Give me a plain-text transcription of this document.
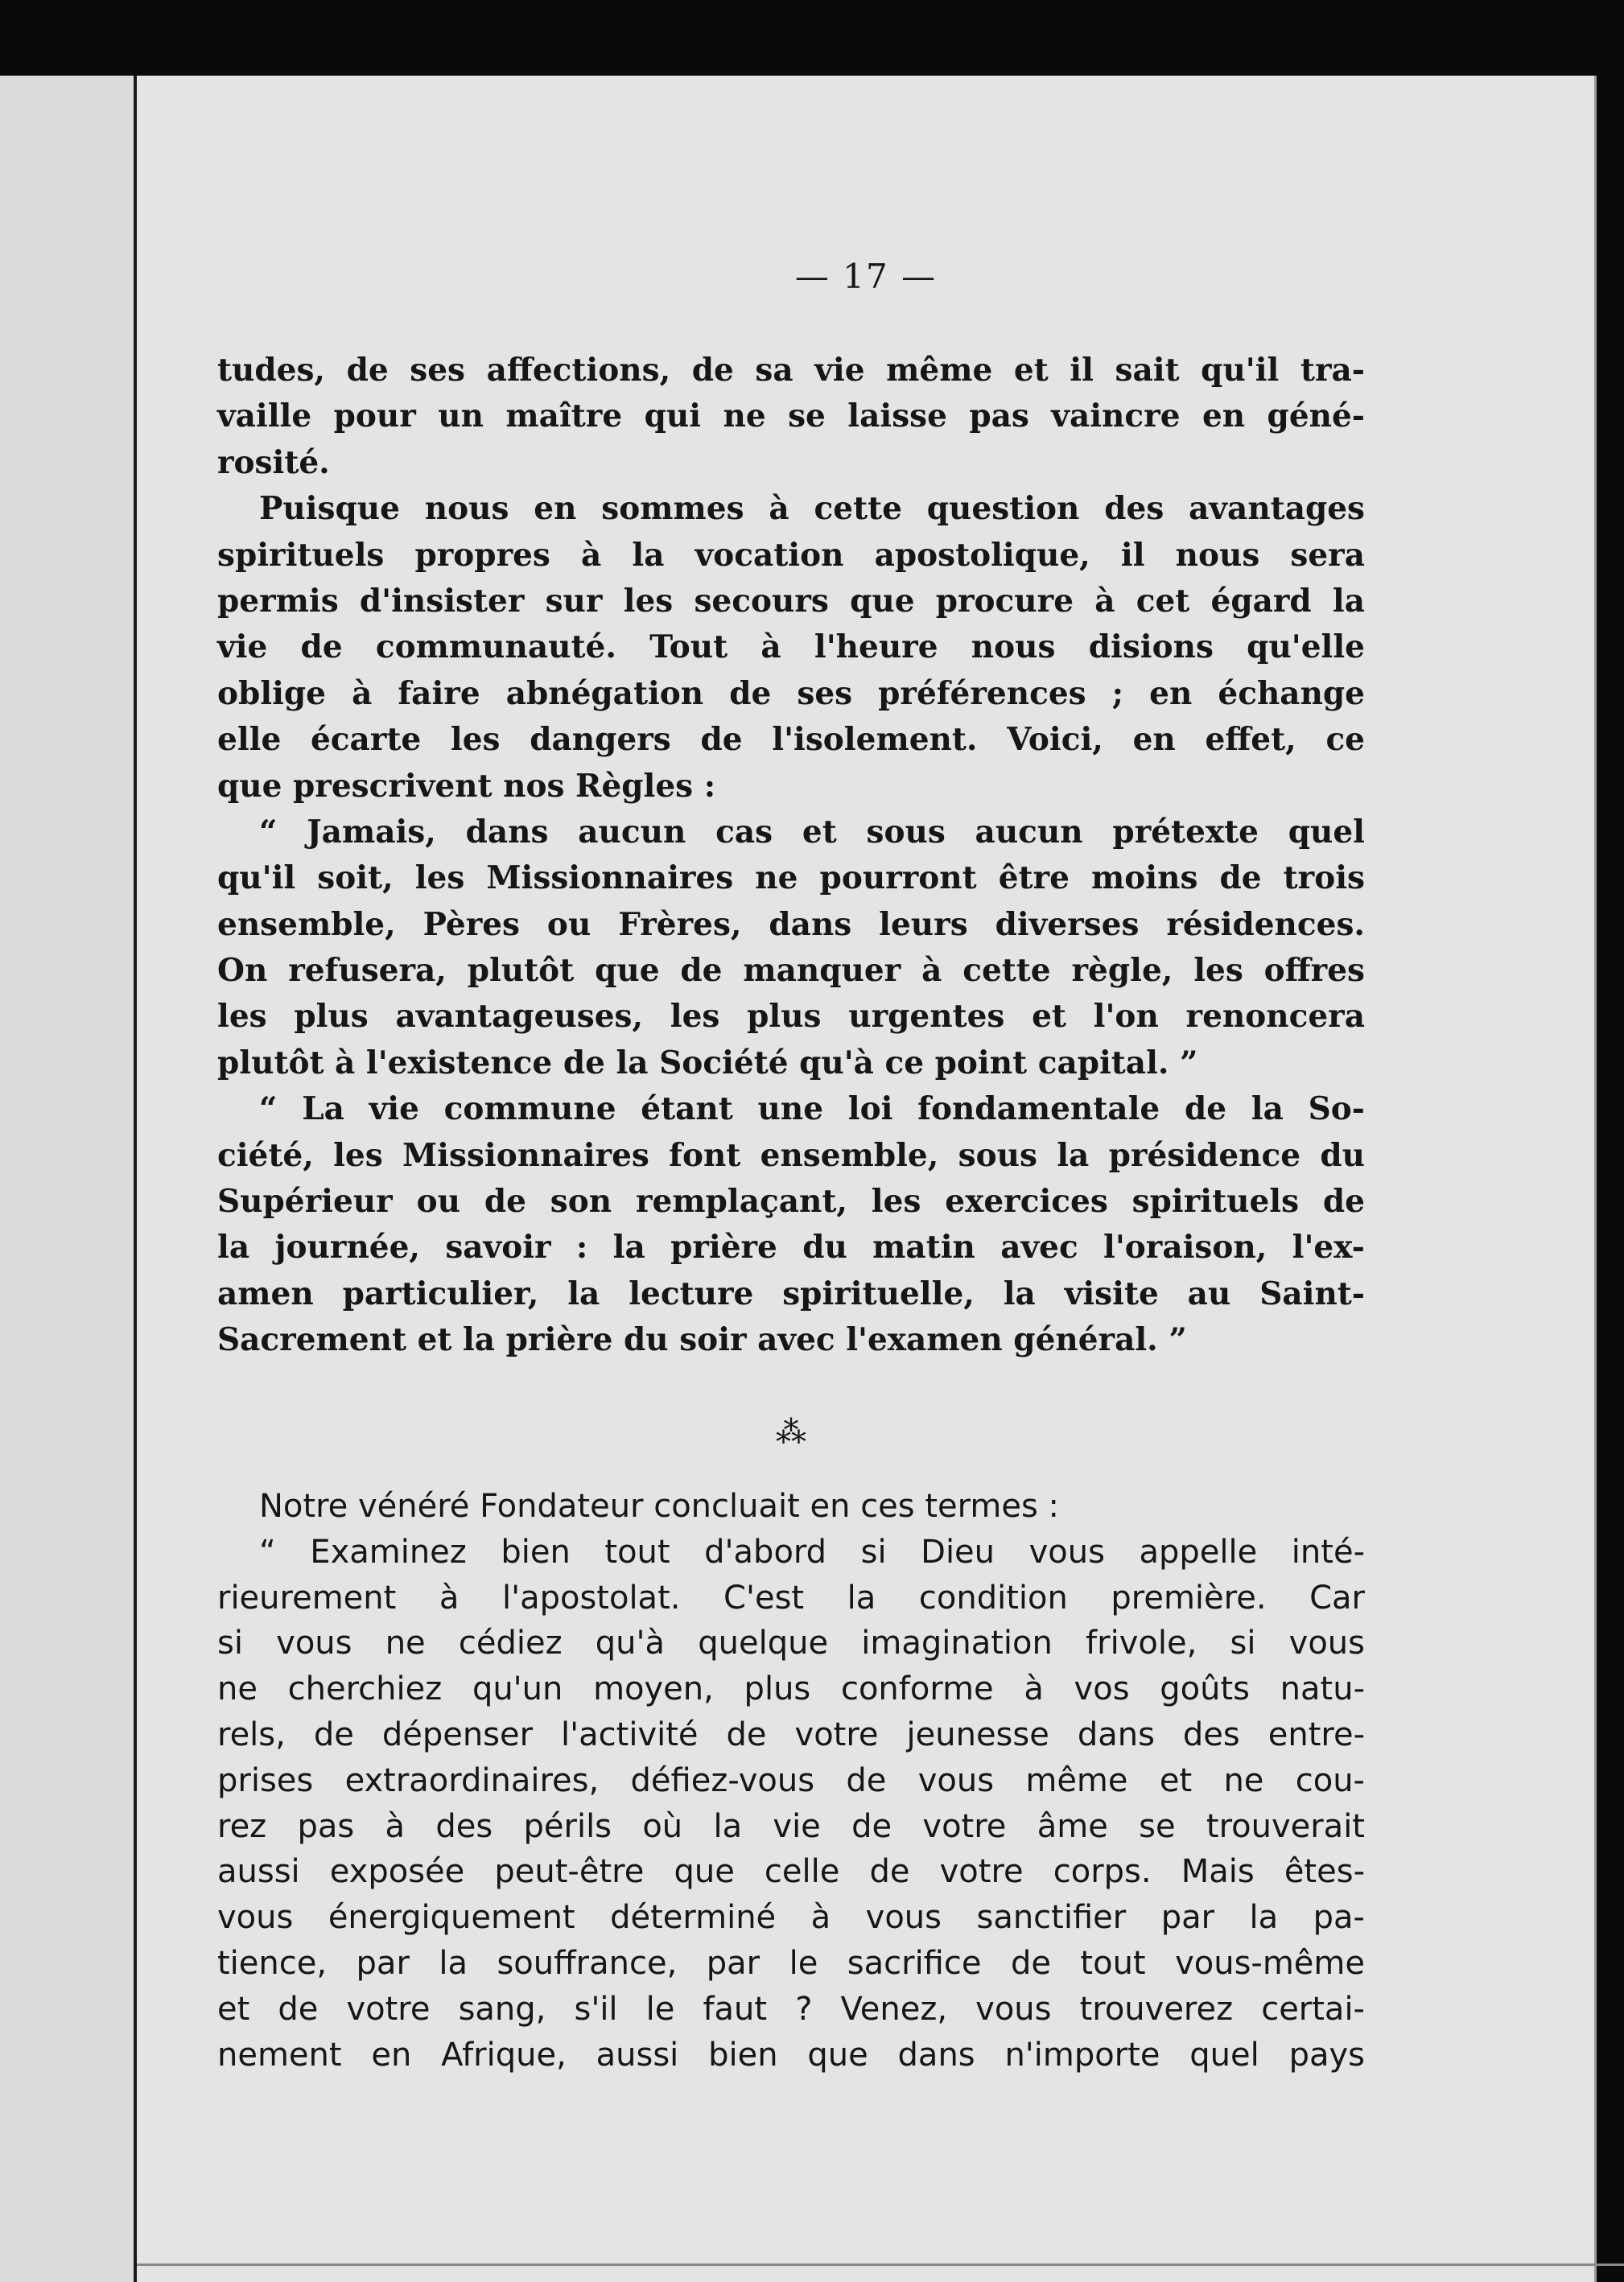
— 17 —
tudes, de ses affections, de sa vie même et il sait qu'il tra-
vaille pour un maître qui ne se laisse pas vaincre en géné-
rosité.
Puisque nous en sommes à cette question des avantages
spirituels propres à la vocation apostolique, il nous sera
permis d'insister sur les secours que procure à cet égard la
vie de communauté. Tout à l'heure nous disions qu'elle
oblige à faire abnégation de ses préférences ; en échange
elle écarte les dangers de l'isolement. Voici, en effet, ce
que prescrivent nos Règles :
“ Jamais, dans aucun cas et sous aucun prétexte quel
qu'il soit, les Missionnaires ne pourront être moins de trois
ensemble, Pères ou Frères, dans leurs diverses résidences.
On refusera, plutôt que de manquer à cette règle, les offres
les plus avantageuses, les plus urgentes et l'on renoncera
plutôt à l'existence de la Société qu'à ce point capital. ”
“ La vie commune étant une loi fondamentale de la So-
ciété, les Missionnaires font ensemble, sous la présidence du
Supérieur ou de son remplaçant, les exercices spirituels de
la journée, savoir : la prière du matin avec l'oraison, l'ex-
amen particulier, la lecture spirituelle, la visite au Saint-
Sacrement et la prière du soir avec l'examen général. ”
⁂
Notre vénéré Fondateur concluait en ces termes :
“ Examinez bien tout d'abord si Dieu vous appelle inté-
rieurement à l'apostolat. C'est la condition première. Car
si vous ne cédiez qu'à quelque imagination frivole, si vous
ne cherchiez qu'un moyen, plus conforme à vos goûts natu-
rels, de dépenser l'activité de votre jeunesse dans des entre-
prises extraordinaires, défiez-vous de vous même et ne cou-
rez pas à des périls où la vie de votre âme se trouverait
aussi exposée peut-être que celle de votre corps. Mais êtes-
vous énergiquement déterminé à vous sanctifier par la pa-
tience, par la souffrance, par le sacrifice de tout vous-même
et de votre sang, s'il le faut ? Venez, vous trouverez certai-
nement en Afrique, aussi bien que dans n'importe quel pays
